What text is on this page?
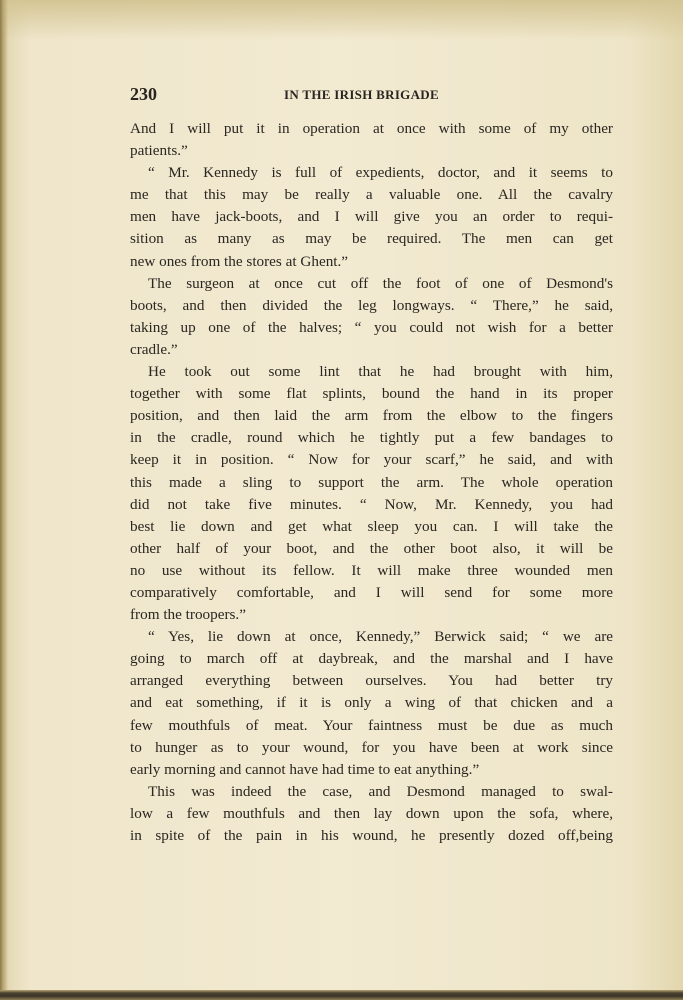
230	IN THE IRISH BRIGADE
And I will put it in operation at once with some of my other
patients.”
“ Mr. Kennedy is full of expedients, doctor, and it seems to
me that this may be really a valuable one. All the cavalry
men have jack-boots, and I will give you an order to requi-
sition as many as may be required. The men can get
new ones from the stores at Ghent.”
The surgeon at once cut off the foot of one of Desmond's
boots, and then divided the leg longways. “ There,” he said,
taking up one of the halves; “ you could not wish for a better
cradle.”
He took out some lint that he had brought with him,
together with some flat splints, bound the hand in its proper
position, and then laid the arm from the elbow to the fingers
in the cradle, round which he tightly put a few bandages to
keep it in position. “ Now for your scarf,” he said, and with
this made a sling to support the arm. The whole operation
did not take five minutes. “ Now, Mr. Kennedy, you had
best lie down and get what sleep you can. I will take the
other half of your boot, and the other boot also, it will be
no use without its fellow. It will make three wounded men
comparatively comfortable, and I will send for some more
from the troopers.”
“ Yes, lie down at once, Kennedy,” Berwick said; “ we are
going to march off at daybreak, and the marshal and I have
arranged everything between ourselves. You had better try
and eat something, if it is only a wing of that chicken and a
few mouthfuls of meat. Your faintness must be due as much
to hunger as to your wound, for you have been at work since
early morning and cannot have had time to eat anything.”
This was indeed the case, and Desmond managed to swal-
low a few mouthfuls and then lay down upon the sofa, where,
in spite of the pain in his wound, he presently dozed off,being
